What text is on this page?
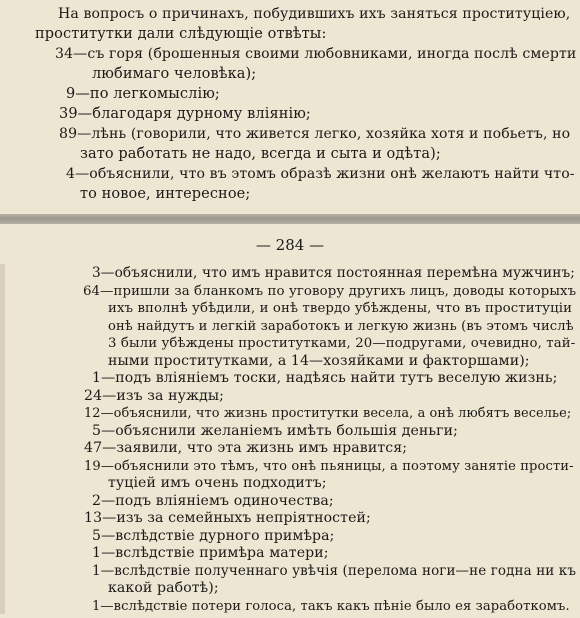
На вопросъ о причинахъ, побудившихъ ихъ заняться проституціею,
проститутки дали слѣдующіе отвѣты:
34—съ горя (брошенныя своими любовниками, иногда послѣ смерти
любимаго человѣка);
9—по легкомыслію;
39—благодаря дурному вліянію;
89—лѣнь (говорили, что живется легко, хозяйка хотя и побьетъ, но
зато работать не надо, всегда и сыта и одѣта);
4—объяснили, что въ этомъ образѣ жизни онѣ желаютъ найти что-
то новое, интересное;
— 284 —
3—объяснили, что имъ нравится постоянная перемѣна мужчинъ;
64—пришли за бланкомъ по уговору другихъ лицъ, доводы которыхъ
ихъ вполнѣ убѣдили, и онѣ твердо убѣждены, что въ проституціи
онѣ найдутъ и легкій заработокъ и легкую жизнь (въ этомъ числѣ
3 были убѣждены проститутками, 20—подругами, очевидно, тай-
ными проститутками, а 14—хозяйками и факторшами);
1—подъ вліяніемъ тоски, надѣясь найти тутъ веселую жизнь;
24—изъ за нужды;
12—объяснили, что жизнь проститутки весела, а онѣ любятъ веселье;
5—объяснили желаніемъ имѣть большія деньги;
47—заявили, что эта жизнь имъ нравится;
19—объяснили это тѣмъ, что онѣ пьяницы, а поэтому занятіе прости-
туціей имъ очень подходитъ;
2—подъ вліяніемъ одиночества;
13—изъ за семейныхъ непріятностей;
5—вслѣдствіе дурного примѣра;
1—вслѣдствіе примѣра матери;
1—вслѣдствіе полученнаго увѣчія (перелома ноги—не годна ни къ
какой работѣ);
1—вслѣдствіе потери голоса, такъ какъ пѣніе было ея заработкомъ.
